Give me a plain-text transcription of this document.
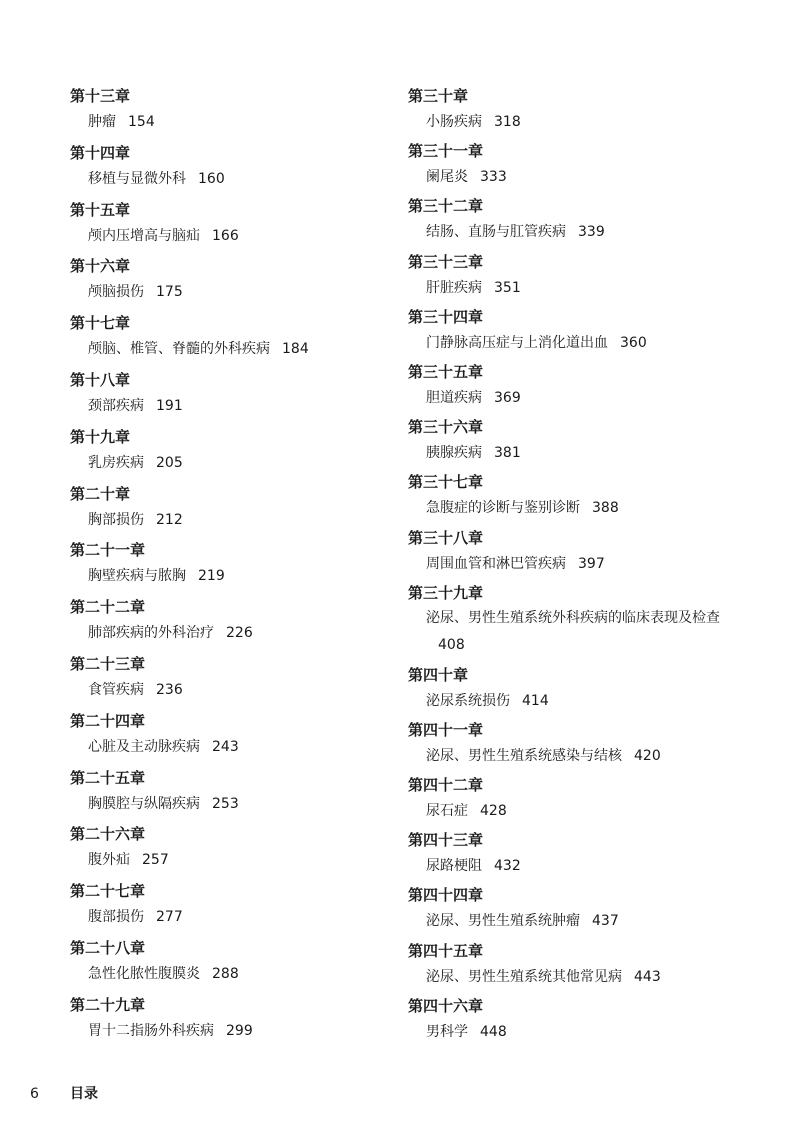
第十三章
肿瘤 154
第十四章
移植与显微外科 160
第十五章
颅内压增高与脑疝 166
第十六章
颅脑损伤 175
第十七章
颅脑、椎管、脊髓的外科疾病 184
第十八章
颈部疾病 191
第十九章
乳房疾病 205
第二十章
胸部损伤 212
第二十一章
胸壁疾病与脓胸 219
第二十二章
肺部疾病的外科治疗 226
第二十三章
食管疾病 236
第二十四章
心脏及主动脉疾病 243
第二十五章
胸膜腔与纵隔疾病 253
第二十六章
腹外疝 257
第二十七章
腹部损伤 277
第二十八章
急性化脓性腹膜炎 288
第二十九章
胃十二指肠外科疾病 299
第三十章
小肠疾病 318
第三十一章
阑尾炎 333
第三十二章
结肠、直肠与肛管疾病 339
第三十三章
肝脏疾病 351
第三十四章
门静脉高压症与上消化道出血 360
第三十五章
胆道疾病 369
第三十六章
胰腺疾病 381
第三十七章
急腹症的诊断与鉴别诊断 388
第三十八章
周围血管和淋巴管疾病 397
第三十九章
泌尿、男性生殖系统外科疾病的临床表现及检查408
第四十章
泌尿系统损伤 414
第四十一章
泌尿、男性生殖系统感染与结核 420
第四十二章
尿石症 428
第四十三章
尿路梗阻 432
第四十四章
泌尿、男性生殖系统肿瘤 437
第四十五章
泌尿、男性生殖系统其他常见病 443
第四十六章
男科学 448
6 目录
